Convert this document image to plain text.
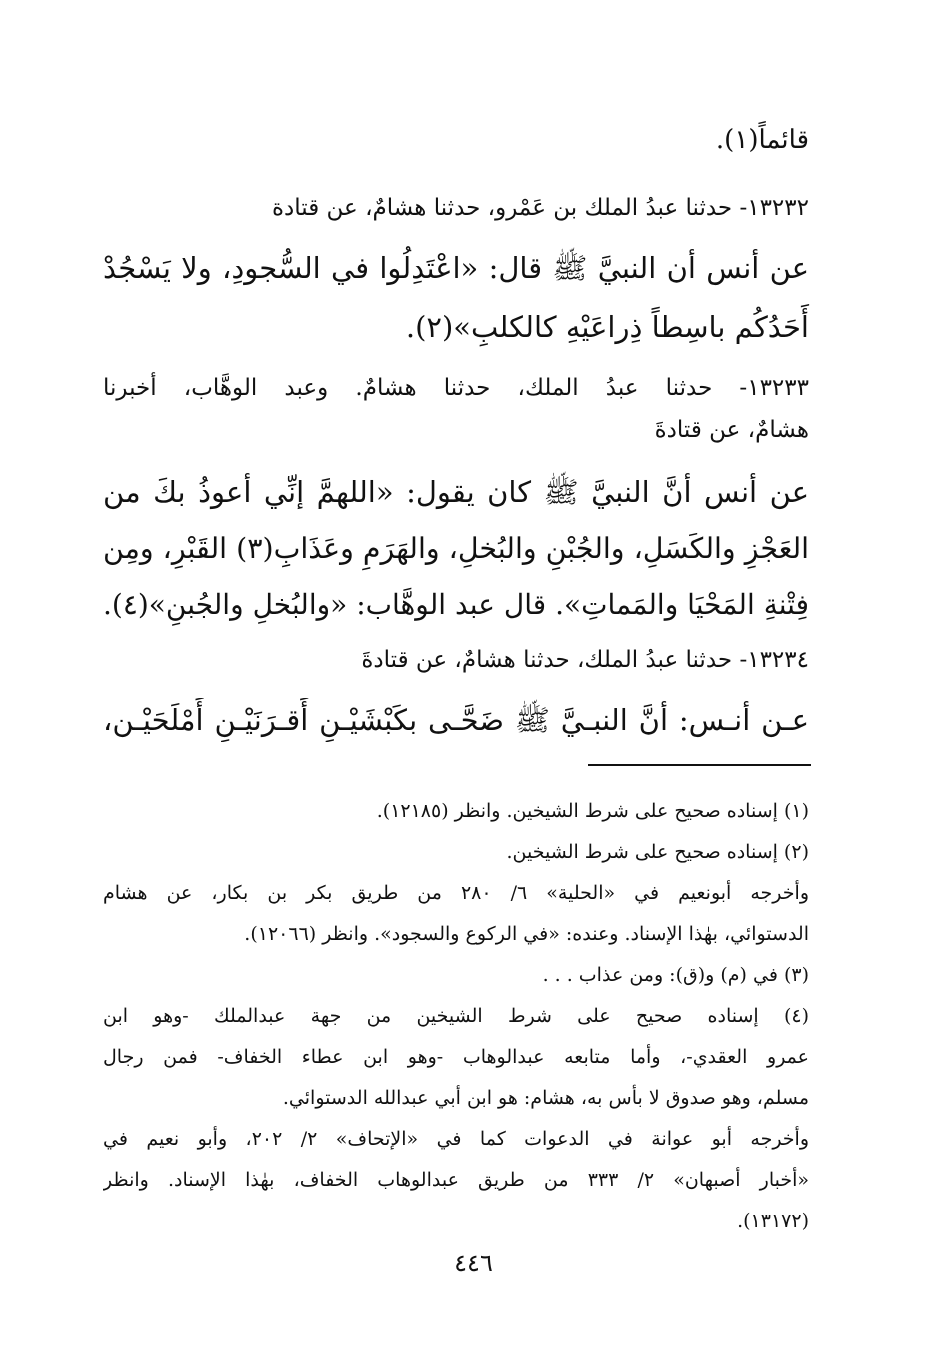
قائماً(١).

١٣٢٣٢- حدثنا عبدُ الملك بن عَمْرو، حدثنا هشامٌ، عن قتادة

عن أنس أن النبيَّ ﷺ قال: «اعْتَدِلُوا في السُّجودِ، ولا يَسْجُدْ

أَحَدُكُم باسِطاً ذِراعَيْهِ كالكلبِ»(٢).

١٣٢٣٣- حدثنا عبدُ الملك، حدثنا هشامٌ. وعبد الوهَّاب، أخبرنا

هشامٌ، عن قتادةَ

عن أنس أنَّ النبيَّ ﷺ كان يقول: «اللهمَّ إنِّي أعوذُ بكَ من

العَجْزِ والكَسَلِ، والجُبْنِ والبُخلِ، والهَرَمِ وعَذَابِ(٣) القَبْرِ، ومِن

فِتْنةِ المَحْيَا والمَماتِ». قال عبد الوهَّاب: «والبُخلِ والجُبنِ»(٤).

١٣٢٣٤- حدثنا عبدُ الملك، حدثنا هشامٌ، عن قتادةَ

عـن أنـس: أنَّ النبـيَّ ﷺ ضَحَّـى بكَبْشَيْـنِ أَقـرَنَيْـنِ أَمْلَحَيْـن،

(١) إسناده صحيح على شرط الشيخين. وانظر (١٢١٨٥).

(٢) إسناده صحيح على شرط الشيخين.

وأخرجه أبونعيم في «الحلية» ٦/ ٢٨٠ من طريق بكر بن بكار، عن هشام

الدستوائي، بهٰذا الإسناد. وعنده: «في الركوع والسجود». وانظر (١٢٠٦٦).

(٣) في (م) و(ق): ومن عذاب . . .

(٤) إسناده صحيح على شرط الشيخين من جهة عبدالملك -وهو ابن

عمرو العقدي-، وأما متابعه عبدالوهاب -وهو ابن عطاء الخفاف- فمن رجال

مسلم، وهو صدوق لا بأس به، هشام: هو ابن أبي عبدالله الدستوائي.

وأخرجه أبو عوانة في الدعوات كما في «الإتحاف» ٢/ ٢٠٢، وأبو نعيم في

«أخبار أصبهان» ٢/ ٣٣٣ من طريق عبدالوهاب الخفاف، بهٰذا الإسناد. وانظر

(١٣١٧٢).

٤٤٦
